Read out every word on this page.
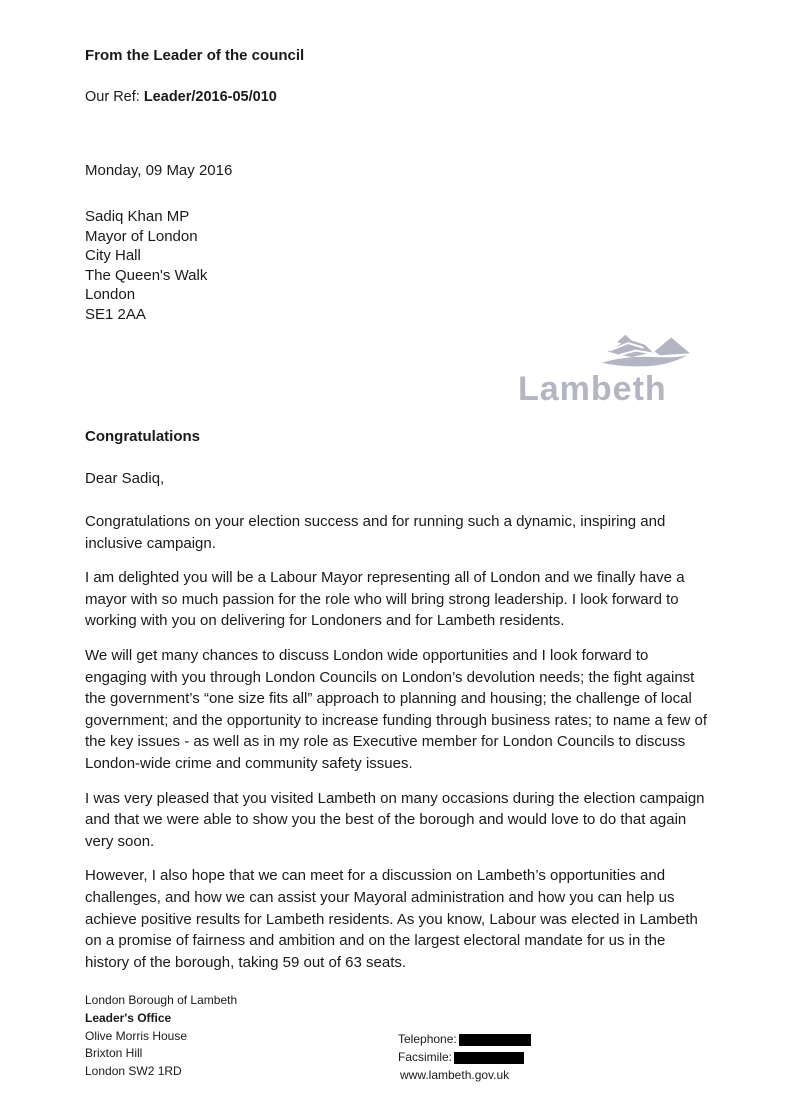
From the Leader of the council
Our Ref: Leader/2016-05/010
Monday, 09 May 2016
Sadiq Khan MP
Mayor of London
City Hall
The Queen's Walk
London
SE1 2AA
Lambeth
Congratulations
Dear Sadiq,

Congratulations on your election success and for running such a dynamic, inspiring and inclusive campaign.

I am delighted you will be a Labour Mayor representing all of London and we finally have a mayor with so much passion for the role who will bring strong leadership. I look forward to working with you on delivering for Londoners and for Lambeth residents.

We will get many chances to discuss London wide opportunities and I look forward to engaging with you through London Councils on London’s devolution needs; the fight against the government’s “one size fits all” approach to planning and housing; the challenge of local government; and the opportunity to increase funding through business rates; to name a few of the key issues - as well as in my role as Executive member for London Councils to discuss London-wide crime and community safety issues.

I was very pleased that you visited Lambeth on many occasions during the election campaign and that we were able to show you the best of the borough and would love to do that again very soon.

However, I also hope that we can meet for a discussion on Lambeth’s opportunities and challenges, and how we can assist your Mayoral administration and how you can help us achieve positive results for Lambeth residents. As you know, Labour was elected in Lambeth on a promise of fairness and ambition and on the largest electoral mandate for us in the history of the borough, taking 59 out of 63 seats.

London Borough of Lambeth
Leader's Office
Olive Morris House
Brixton Hill
London SW2 1RD
Telephone:
Facsimile:
www.lambeth.gov.uk
